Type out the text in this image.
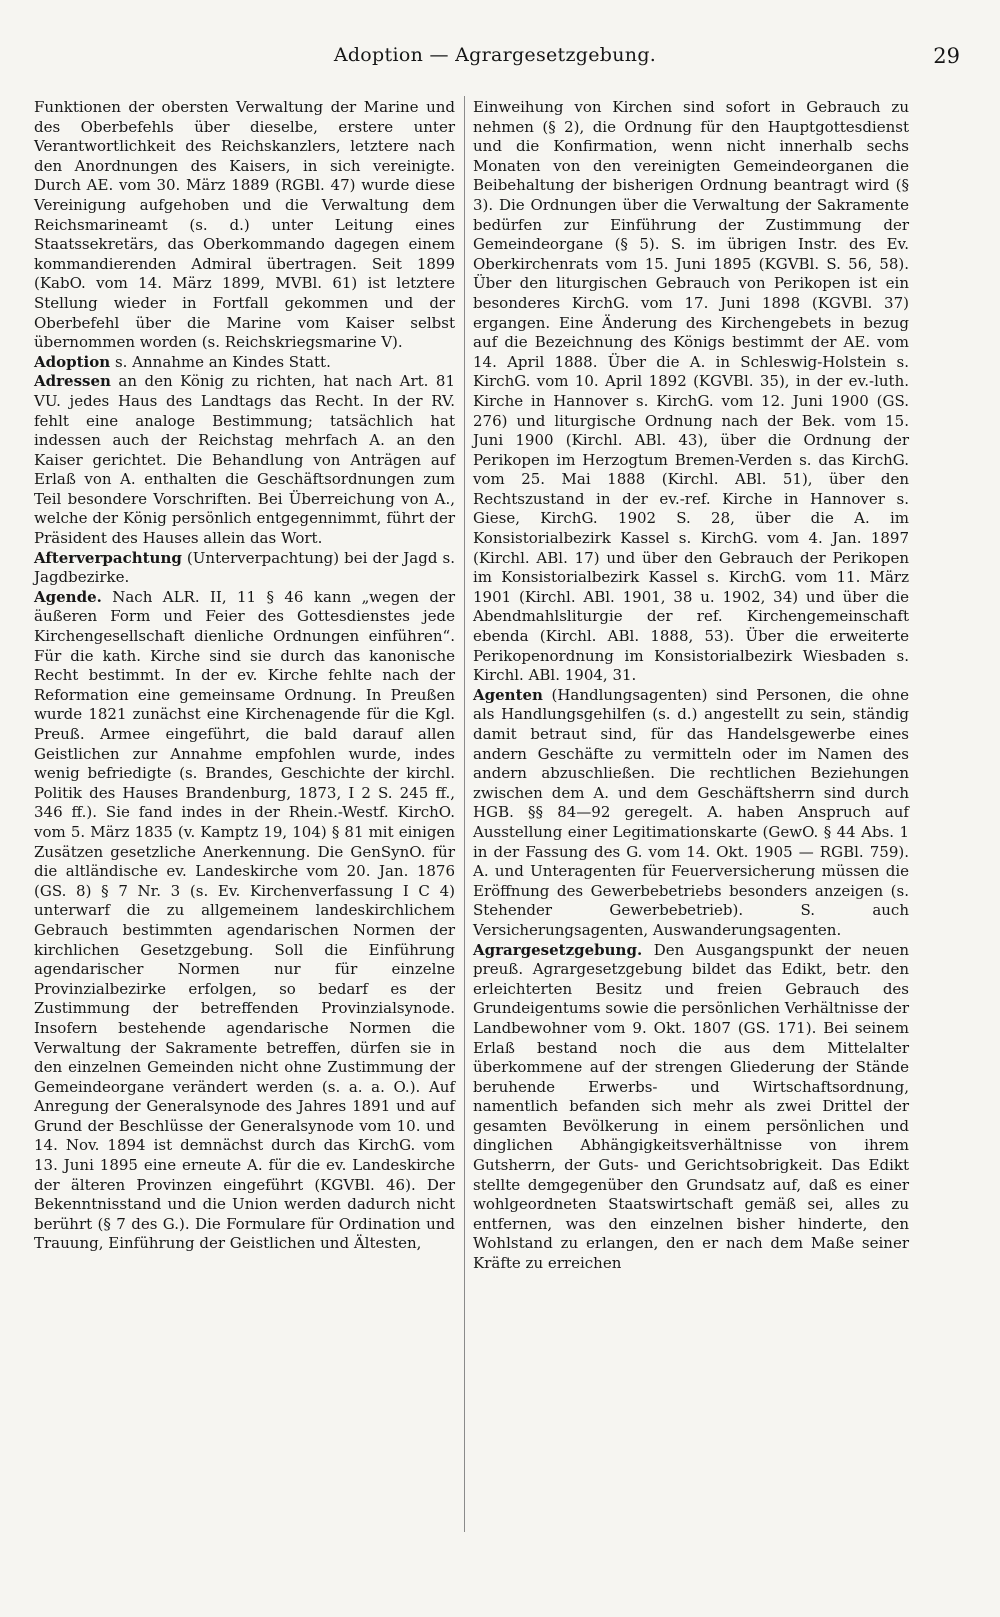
Adoption — Agrargesetzgebung.	29

Funktionen der obersten Verwaltung der Marine und des Oberbefehls über dieselbe, erstere unter Verantwortlichkeit des Reichskanzlers, letztere nach den Anordnungen des Kaisers, in sich vereinigte. Durch AE. vom 30. März 1889 (RGBl. 47) wurde diese Vereinigung aufgehoben und die Verwaltung dem Reichsmarineamt (s. d.) unter Leitung eines Staatssekretärs, das Oberkommando dagegen einem kommandierenden Admiral übertragen. Seit 1899 (KabO. vom 14. März 1899, MVBl. 61) ist letztere Stellung wieder in Fortfall gekommen und der Oberbefehl über die Marine vom Kaiser selbst übernommen worden (s. Reichskriegsmarine V).

Adoption s. Annahme an Kindes Statt.

Adressen an den König zu richten, hat nach Art. 81 VU. jedes Haus des Landtags das Recht. In der RV. fehlt eine analoge Bestimmung; tatsächlich hat indessen auch der Reichstag mehrfach A. an den Kaiser gerichtet. Die Behandlung von Anträgen auf Erlaß von A. enthalten die Geschäftsordnungen zum Teil besondere Vorschriften. Bei Überreichung von A., welche der König persönlich entgegennimmt, führt der Präsident des Hauses allein das Wort.

Afterverpachtung (Unterverpachtung) bei der Jagd s. Jagdbezirke.

Agende. Nach ALR. II, 11 § 46 kann „wegen der äußeren Form und Feier des Gottesdienstes jede Kirchengesellschaft dienliche Ordnungen einführen“. Für die kath. Kirche sind sie durch das kanonische Recht bestimmt. In der ev. Kirche fehlte nach der Reformation eine gemeinsame Ordnung. In Preußen wurde 1821 zunächst eine Kirchenagende für die Kgl. Preuß. Armee eingeführt, die bald darauf allen Geistlichen zur Annahme empfohlen wurde, indes wenig befriedigte (s. Brandes, Geschichte der kirchl. Politik des Hauses Brandenburg, 1873, I 2 S. 245 ff., 346 ff.). Sie fand indes in der Rhein.-Westf. KirchO. vom 5. März 1835 (v. Kamptz 19, 104) § 81 mit einigen Zusätzen gesetzliche Anerkennung. Die GenSynO. für die altländische ev. Landeskirche vom 20. Jan. 1876 (GS. 8) § 7 Nr. 3 (s. Ev. Kirchenverfassung I C 4) unterwarf die zu allgemeinem landeskirchlichem Gebrauch bestimmten agendarischen Normen der kirchlichen Gesetzgebung. Soll die Einführung agendarischer Normen nur für einzelne Provinzialbezirke erfolgen, so bedarf es der Zustimmung der betreffenden Provinzialsynode. Insofern bestehende agendarische Normen die Verwaltung der Sakramente betreffen, dürfen sie in den einzelnen Gemeinden nicht ohne Zustimmung der Gemeindeorgane verändert werden (s. a. a. O.). Auf Anregung der Generalsynode des Jahres 1891 und auf Grund der Beschlüsse der Generalsynode vom 10. und 14. Nov. 1894 ist demnächst durch das KirchG. vom 13. Juni 1895 eine erneute A. für die ev. Landeskirche der älteren Provinzen eingeführt (KGVBl. 46). Der Bekenntnisstand und die Union werden dadurch nicht berührt (§ 7 des G.). Die Formulare für Ordination und Trauung, Einführung der Geistlichen und Ältesten,

Einweihung von Kirchen sind sofort in Gebrauch zu nehmen (§ 2), die Ordnung für den Hauptgottesdienst und die Konfirmation, wenn nicht innerhalb sechs Monaten von den vereinigten Gemeindeorganen die Beibehaltung der bisherigen Ordnung beantragt wird (§ 3). Die Ordnungen über die Verwaltung der Sakramente bedürfen zur Einführung der Zustimmung der Gemeindeorgane (§ 5). S. im übrigen Instr. des Ev. Oberkirchenrats vom 15. Juni 1895 (KGVBl. S. 56, 58). Über den liturgischen Gebrauch von Perikopen ist ein besonderes KirchG. vom 17. Juni 1898 (KGVBl. 37) ergangen. Eine Änderung des Kirchengebets in bezug auf die Bezeichnung des Königs bestimmt der AE. vom 14. April 1888. Über die A. in Schleswig-Holstein s. KirchG. vom 10. April 1892 (KGVBl. 35), in der ev.-luth. Kirche in Hannover s. KirchG. vom 12. Juni 1900 (GS. 276) und liturgische Ordnung nach der Bek. vom 15. Juni 1900 (Kirchl. ABl. 43), über die Ordnung der Perikopen im Herzogtum Bremen-Verden s. das KirchG. vom 25. Mai 1888 (Kirchl. ABl. 51), über den Rechtszustand in der ev.-ref. Kirche in Hannover s. Giese, KirchG. 1902 S. 28, über die A. im Konsistorialbezirk Kassel s. KirchG. vom 4. Jan. 1897 (Kirchl. ABl. 17) und über den Gebrauch der Perikopen im Konsistorialbezirk Kassel s. KirchG. vom 11. März 1901 (Kirchl. ABl. 1901, 38 u. 1902, 34) und über die Abendmahlsliturgie der ref. Kirchengemeinschaft ebenda (Kirchl. ABl. 1888, 53). Über die erweiterte Perikopenordnung im Konsistorialbezirk Wiesbaden s. Kirchl. ABl. 1904, 31.

Agenten (Handlungsagenten) sind Personen, die ohne als Handlungsgehilfen (s. d.) angestellt zu sein, ständig damit betraut sind, für das Handelsgewerbe eines andern Geschäfte zu vermitteln oder im Namen des andern abzuschließen. Die rechtlichen Beziehungen zwischen dem A. und dem Geschäftsherrn sind durch HGB. §§ 84—92 geregelt. A. haben Anspruch auf Ausstellung einer Legitimationskarte (GewO. § 44 Abs. 1 in der Fassung des G. vom 14. Okt. 1905 — RGBl. 759). A. und Unteragenten für Feuerversicherung müssen die Eröffnung des Gewerbebetriebs besonders anzeigen (s. Stehender Gewerbebetrieb). S. auch Versicherungsagenten, Auswanderungsagenten.

Agrargesetzgebung. Den Ausgangspunkt der neuen preuß. Agrargesetzgebung bildet das Edikt, betr. den erleichterten Besitz und freien Gebrauch des Grundeigentums sowie die persönlichen Verhältnisse der Landbewohner vom 9. Okt. 1807 (GS. 171). Bei seinem Erlaß bestand noch die aus dem Mittelalter überkommene auf der strengen Gliederung der Stände beruhende Erwerbs- und Wirtschaftsordnung, namentlich befanden sich mehr als zwei Drittel der gesamten Bevölkerung in einem persönlichen und dinglichen Abhängigkeitsverhältnisse von ihrem Gutsherrn, der Guts- und Gerichtsobrigkeit. Das Edikt stellte demgegenüber den Grundsatz auf, daß es einer wohlgeordneten Staatswirtschaft gemäß sei, alles zu entfernen, was den einzelnen bisher hinderte, den Wohlstand zu erlangen, den er nach dem Maße seiner Kräfte zu erreichen
